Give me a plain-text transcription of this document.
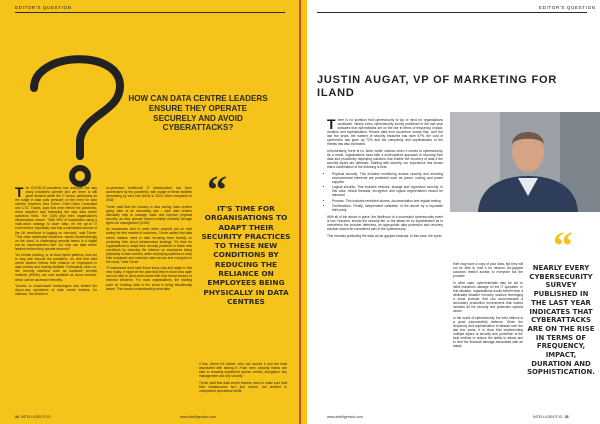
EDITOR'S QUESTION
HOW CAN DATA CENTRE LEADERS ENSURE THEY OPERATE SECURELY AND AVOID CYBERATTACKS?

The COVID-19 pandemic has reshaped the way many industries operate and yet there is still great demand within the IT sector, particularly as the surge in data puts pressure on the need for data centres. However, Alex Turner, Chief Cyber Consultant and CTO, Thales, says that even before the pandemic, cloud adoption was reshaping the way data centre operators think. The CIOs kept their organisation's infrastructure secure. "With 95% of businesses using a multi-cloud strategy to store data, it's the go-to IT environment, especially now that a substantial amount of the UK workforce is logging on remotely," said Turner. "This wider distributed workforce, based overwhelmingly on the cloud, is challenging security teams in a digital era an unprecedented rate. So, how can data centre leaders ensure they operate securely?

"As remote working, or at least hybrid patterns, look set to stay well beyond the pandemic, it's vital that data centre leaders reduce their reliance on employees in data centres and hosting facilities. Fortunately, even on-site security solutions such as hardware security modules (HSMs), are now available as cloud services, which can be accessed remotely.

"Access to cloud-based technologies has shifted the day-to-day operations of data centre leaders; for instance, the decline in

on-premises 'traditional' IT infrastructure has been accelerated by the pandemic, with usage of these facilities decreasing by over half (54%) in 2020, when compared to 2018."

Turner said that the industry is also seeing 'data centres going 'dark' at an increasing rate – dark data centres ultimately help to manage costs and improve physical security, as they operate almost entirely remotely through lights out management (LOM).

As businesses look to meet wider projects put on hold during the first months of lockdown, Turner added that data centre leaders need to start focusing more heavily on protecting their cloud infrastructure strategy. "It's time for organisations to adapt their security practices to these new conditions by reducing the reliance on employees being physically in data centres, while employing systems to keep their employee and customer data secure and encrypted in the cloud," said Turner.

"If businesses don't take these steps now and adapt to this new reality, it might be the case that they're much less agile and not able to pivot when faced with new threat vectors or external influence. For most organisations, the starting point for locating data in the cloud is being situationally aware. This means understanding what data

“
IT'S TIME FOR ORGANISATIONS TO ADAPT THEIR SECURITY PRACTICES TO THESE NEW CONDITIONS BY REDUCING THE RELIANCE ON EMPLOYEES BEING PHYSICALLY IN DATA CENTRES

it has, where it's stored, who can access it and the risks associated with storing it. From here, security teams can start to remotely implement access control, encryption, key management and key security."

Turner said that data centre leaders need to make sure that their infrastructure isn't just secure, but resilient to unexpected operational shifts.

34 INTELLIGENTCIO	www.intelligentcio.com
EDITOR'S QUESTION
JUSTIN AUGAT, VP OF MARKETING FOR ILAND

There is no question that cybersecurity is top of mind for organisations worldwide. Nearly every cybersecurity survey published in the last year indicates that cyberattacks are on the rise in terms of frequency, impact, duration and sophistication. Recent data from Accenture shows that, over the last five years, the number of security breaches has risen 67%, the cost of cybercrime has gone up 72% and the complexity and sophistication of the threats has also increased.

Unfortunately, there is no 'silver bullet' solution when it comes to cybersecurity. As a result, organisations must take a multi-layered approach to securing their data and proactively deploying solutions that enable the recovery of data if the security layers are defeated. Starting with security, our experience has shown that a combination of the following is best:

• Physical security: This includes monitoring access security and ensuring environmental elements are protected such as power, cooling and power supplies
• Logical security: This includes network, storage and hypervisor security. In this case, virtual firewalls, encryption and logical segmentation should be standard
• Process: This includes restricted access, documentation and regular testing
• Certifications: Finally, independent validation of the above by a reputable third party

With all of the above in place, the likelihood of a successful cybersecurity event is low. However, should the security fail, or the attack be so sophisticated as to overwhelm the provider defences, an appropriate data protection and recovery solution should be considered part of the cybersecurity.

This includes protecting the data via air-gapped backups. In this case, the cyber

thief may have a copy of your data, but they will not be able to hold it for ransom. Air-gapped solutions restrict access to everyone but the provider.

In other case, cybercriminals may be out to inflict maximum damage on the IT operation. In this situation, organisations would benefit from a dedicated disaster recovery solution leveraging a cloud provider that can accommodate a secondary production environment that indeed includes all the security and protection options above.

In the world of cybersecurity, the best offence is a good (recoverable) defence. Given the frequency and sophistication of attacks over the last few years, it is clear that implementing multiple layers of security and protection is the best method to reduce the ability to attack and to limit the financial damage associated with an attack.

“
NEARLY EVERY CYBERSECURITY SURVEY PUBLISHED IN THE LAST YEAR INDICATES THAT CYBERATTACKS ARE ON THE RISE IN TERMS OF FREQUENCY, IMPACT, DURATION AND SOPHISTICATION.
www.intelligentcio.com	INTELLIGENTCIO 35
